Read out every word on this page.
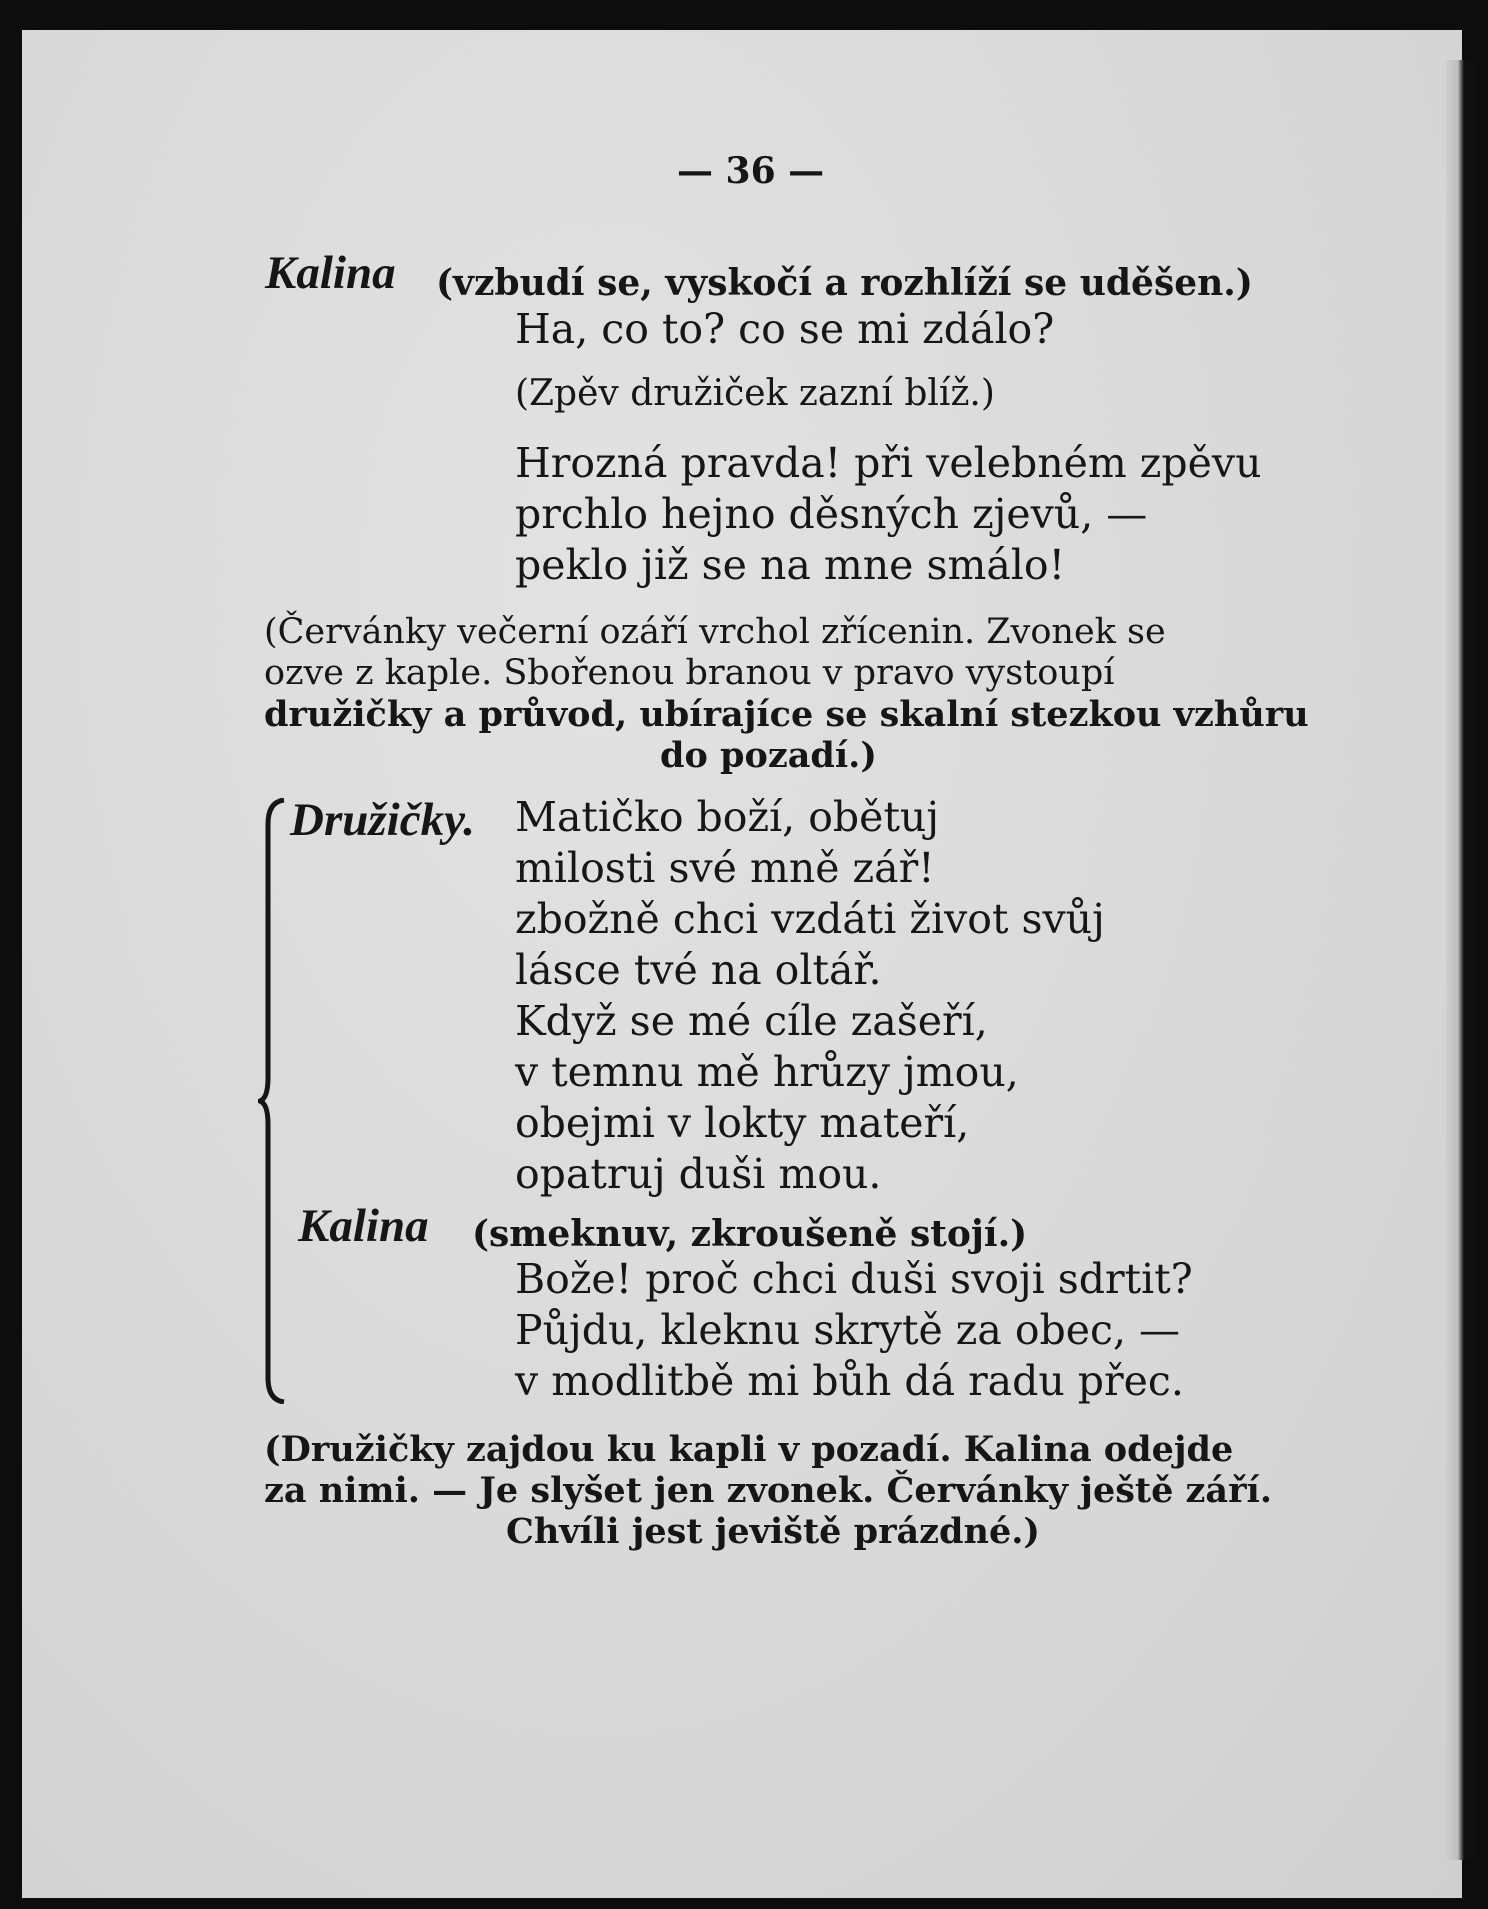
— 36 —
Kalina (vzbudí se, vyskočí a rozhlíží se uděšen.)
Ha, co to? co se mi zdálo?
(Zpěv družiček zazní blíž.)
Hrozná pravda! při velebném zpěvu
prchlo hejno děsných zjevů, —
peklo již se na mne smálo!
(Červánky večerní ozáří vrchol zřícenin. Zvonek se
ozve z kaple. Sbořenou branou v pravo vystoupí
družičky a průvod, ubírajíce se skalní stezkou vzhůru
do pozadí.)
Družičky. Matičko boží, obětuj
milosti své mně zář!
zbožně chci vzdáti život svůj
lásce tvé na oltář.
Když se mé cíle zašeří,
v temnu mě hrůzy jmou,
obejmi v lokty mateří,
opatruj duši mou.
Kalina (smeknuv, zkroušeně stojí.)
Bože! proč chci duši svoji sdrtit?
Půjdu, kleknu skrytě za obec, —
v modlitbě mi bůh dá radu přec.
(Družičky zajdou ku kapli v pozadí. Kalina odejde
za nimi. — Je slyšet jen zvonek. Červánky ještě září.
Chvíli jest jeviště prázdné.)
